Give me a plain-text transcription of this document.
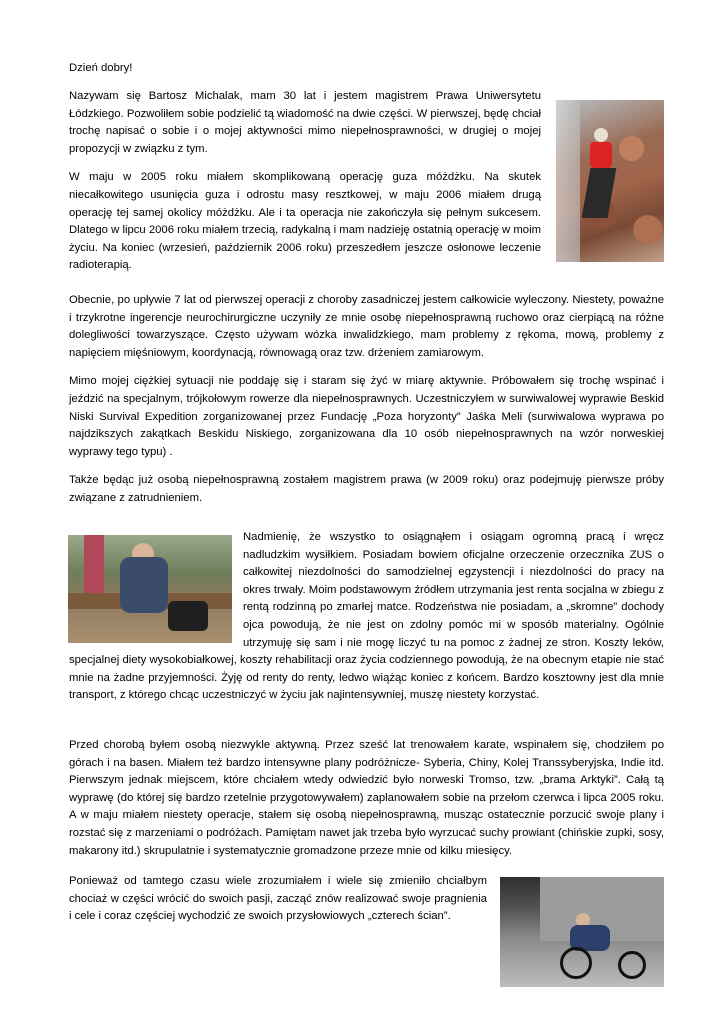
Dzień dobry!

Nazywam się Bartosz Michalak, mam 30 lat i jestem magistrem Prawa Uniwersytetu Łódzkiego. Pozwoliłem sobie podzielić tą wiadomość na dwie części. W pierwszej, będę chciał trochę napisać o sobie i o mojej aktywności mimo niepełnosprawności, w drugiej o mojej propozycji w związku z tym.

W maju w 2005 roku miałem skomplikowaną operację guza móżdżku. Na skutek niecałkowitego usunięcia guza i odrostu masy resztkowej, w maju 2006 miałem drugą operację tej samej okolicy móżdżku. Ale i ta operacja nie zakończyła się pełnym sukcesem. Dlatego w lipcu 2006 roku miałem trzecią, radykalną i mam nadzieję ostatnią operację w moim życiu. Na koniec (wrzesień, październik 2006 roku) przeszedłem jeszcze osłonowe leczenie radioterapią.

Obecnie, po upływie 7 lat od pierwszej operacji z choroby zasadniczej jestem całkowicie wyleczony. Niestety, poważne i trzykrotne ingerencje neurochirurgiczne uczyniły ze mnie osobę niepełnosprawną ruchowo oraz cierpiącą na różne dolegliwości towarzyszące. Często używam wózka inwalidzkiego, mam problemy z rękoma, mową, problemy z napięciem mięśniowym, koordynacją, równowagą oraz tzw. drżeniem zamiarowym.

Mimo mojej ciężkiej sytuacji nie poddaję się i staram się żyć w miarę aktywnie. Próbowałem się trochę wspinać i jeździć na specjalnym, trójkołowym rowerze dla niepełnosprawnych. Uczestniczyłem w surwiwalowej wyprawie Beskid Niski Survival Expedition zorganizowanej przez Fundację „Poza horyzonty” Jaśka Meli (surwiwalowa wyprawa po najdzikszych zakątkach Beskidu Niskiego, zorganizowana dla 10 osób niepełnosprawnych na wzór norweskiej wyprawy tego typu) .

Także będąc już osobą niepełnosprawną zostałem magistrem prawa (w 2009 roku) oraz podejmuję pierwsze próby związane z zatrudnieniem.

Nadmienię, że wszystko to osiągnąłem i osiągam ogromną pracą i wręcz nadludzkim wysiłkiem. Posiadam bowiem oficjalne orzeczenie orzecznika ZUS o całkowitej niezdolności do samodzielnej egzystencji i niezdolności do pracy na okres trwały. Moim podstawowym źródłem utrzymania jest renta socjalna w zbiegu z rentą rodzinną po zmarłej matce. Rodzeństwa nie posiadam, a „skromne” dochody ojca powodują, że nie jest on zdolny pomóc mi w sposób materialny. Ogólnie utrzymuję się sam i nie mogę liczyć tu na pomoc z żadnej ze stron. Koszty leków, specjalnej diety wysokobiałkowej, koszty rehabilitacji oraz życia codziennego powodują, że na obecnym etapie nie stać mnie na żadne przyjemności. Żyję od renty do renty, ledwo wiążąc koniec z końcem. Bardzo kosztowny jest dla mnie transport, z którego chcąc uczestniczyć w życiu jak najintensywniej, muszę niestety korzystać.

Przed chorobą byłem osobą niezwykle aktywną. Przez sześć lat trenowałem karate, wspinałem się, chodziłem po górach i na basen. Miałem też bardzo intensywne plany podróżnicze- Syberia, Chiny, Kolej Transsyberyjska, Indie itd. Pierwszym jednak miejscem, które chciałem wtedy odwiedzić było norweski Tromso, tzw. „brama Arktyki”. Całą tą wyprawę (do której się bardzo rzetelnie przygotowywałem) zaplanowałem sobie na przełom czerwca i lipca 2005 roku. A w maju miałem niestety operacje, stałem się osobą niepełnosprawną, musząc ostatecznie porzucić swoje plany i rozstać się z marzeniami o podróżach. Pamiętam nawet jak trzeba było wyrzucać suchy prowiant (chińskie zupki, sosy, makarony itd.) skrupulatnie i systematycznie gromadzone przeze mnie od kilku miesięcy.

Ponieważ od tamtego czasu wiele zrozumiałem i wiele się zmieniło chciałbym chociaż w części wrócić do swoich pasji, zacząć znów realizować swoje pragnienia i cele i coraz częściej wychodzić ze swoich przysłowiowych „czterech ścian”.
